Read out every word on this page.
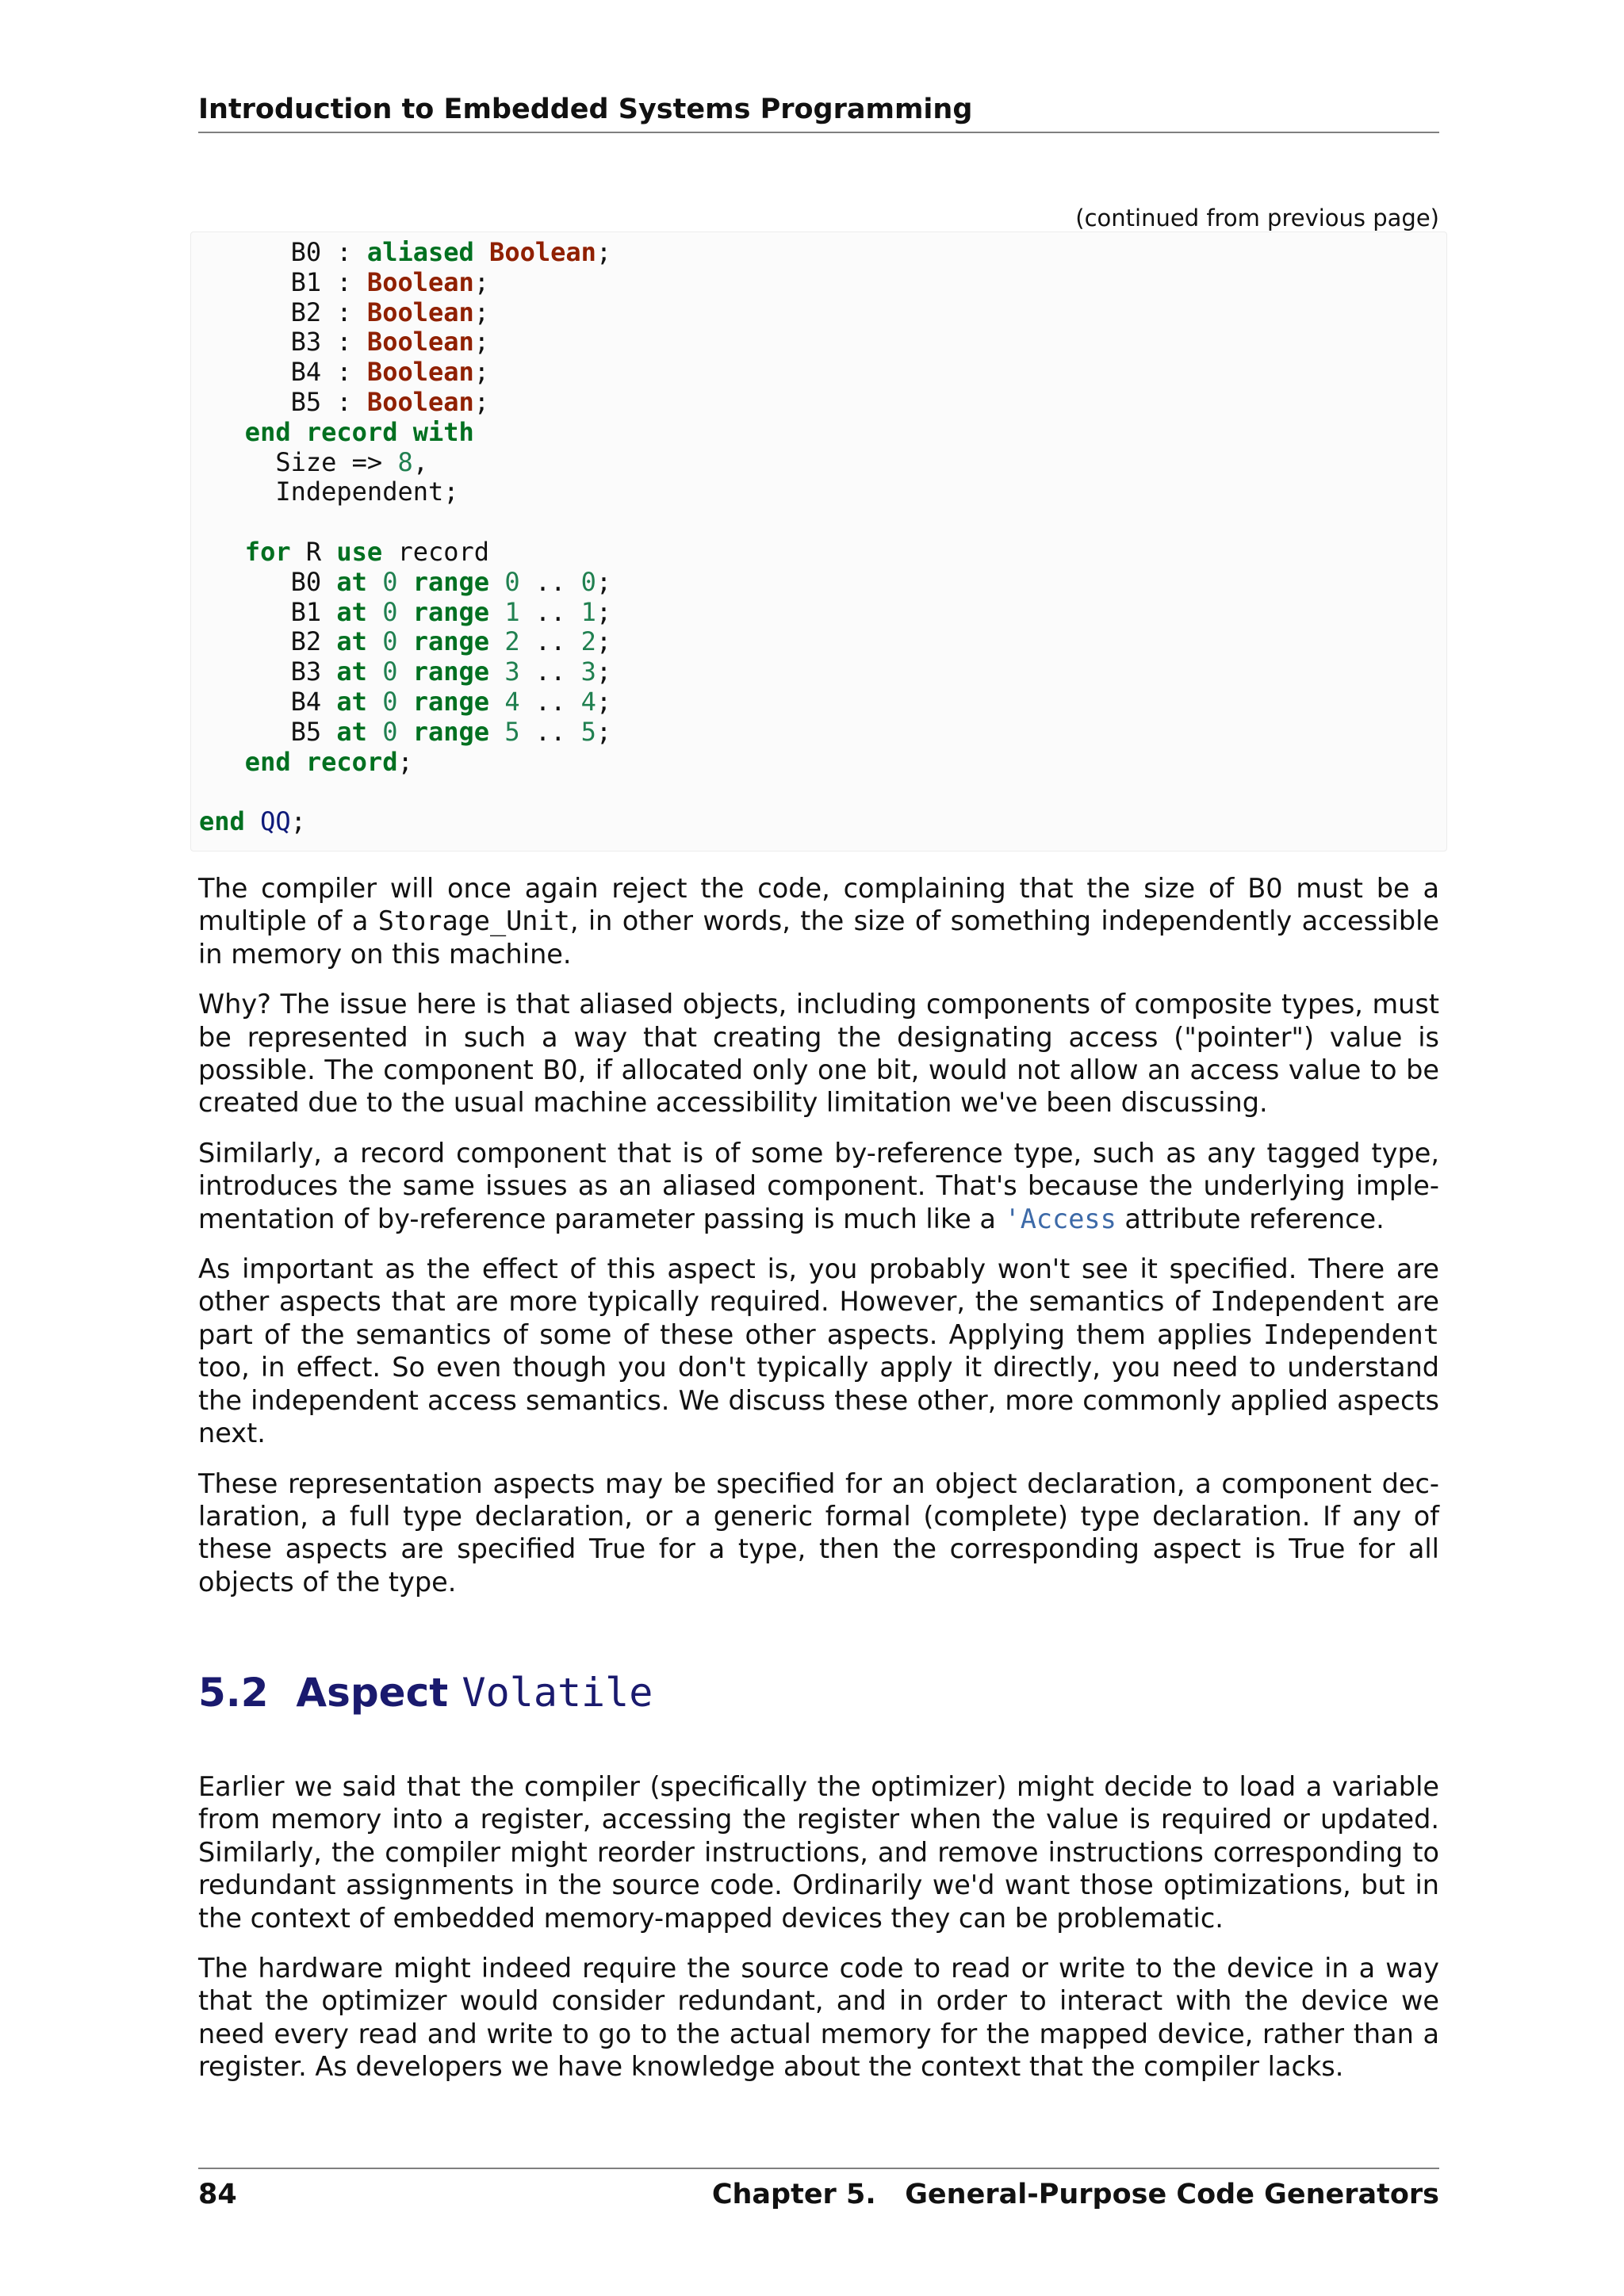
Introduction to Embedded Systems Programming
(continued from previous page)
B0 : aliased Boolean;
B1 : Boolean;
B2 : Boolean;
B3 : Boolean;
B4 : Boolean;
B5 : Boolean;
end record with
Size => 8,
Independent;
for R use record
B0 at 0 range 0 .. 0;
B1 at 0 range 1 .. 1;
B2 at 0 range 2 .. 2;
B3 at 0 range 3 .. 3;
B4 at 0 range 4 .. 4;
B5 at 0 range 5 .. 5;
end record;
end QQ;

The compiler will once again reject the code, complaining that the size of B0 must be a multiple of a Storage_Unit, in other words, the size of something independently accessible in memory on this machine.

Why? The issue here is that aliased objects, including components of composite types, must be represented in such a way that creating the designating access ("pointer") value is possible. The component B0, if allocated only one bit, would not allow an access value to be created due to the usual machine accessibility limitation we've been discussing.

Similarly, a record component that is of some by-reference type, such as any tagged type, introduces the same issues as an aliased component. That's because the underlying implementation of by-reference parameter passing is much like a 'Access attribute reference.

As important as the effect of this aspect is, you probably won't see it specified. There are other aspects that are more typically required. However, the semantics of Independent are part of the semantics of some of these other aspects. Applying them applies Independent too, in effect. So even though you don't typically apply it directly, you need to understand the independent access semantics. We discuss these other, more commonly applied aspects next.

These representation aspects may be specified for an object declaration, a component declaration, a full type declaration, or a generic formal (complete) type declaration. If any of these aspects are specified True for a type, then the corresponding aspect is True for all objects of the type.

5.2 Aspect Volatile

Earlier we said that the compiler (specifically the optimizer) might decide to load a variable from memory into a register, accessing the register when the value is required or updated. Similarly, the compiler might reorder instructions, and remove instructions corresponding to redundant assignments in the source code. Ordinarily we'd want those optimizations, but in the context of embedded memory-mapped devices they can be problematic.

The hardware might indeed require the source code to read or write to the device in a way that the optimizer would consider redundant, and in order to interact with the device we need every read and write to go to the actual memory for the mapped device, rather than a register. As developers we have knowledge about the context that the compiler lacks.

84	Chapter 5.   General-Purpose Code Generators
